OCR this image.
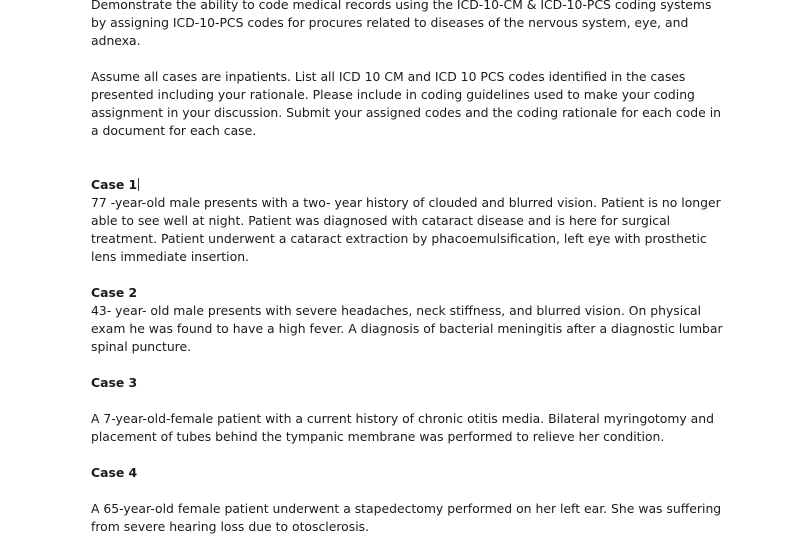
Demonstrate the ability to code medical records using the ICD-10-CM & ICD-10-PCS coding systems by assigning ICD-10-PCS codes for procures related to diseases of the nervous system, eye, and adnexa.

Assume all cases are inpatients. List all ICD 10 CM and ICD 10 PCS codes identified in the cases presented including your rationale. Please include in coding guidelines used to make your coding assignment in your discussion. Submit your assigned codes and the coding rationale for each code in a document for each case.

Case 1

77 -year-old male presents with a two- year history of clouded and blurred vision. Patient is no longer able to see well at night. Patient was diagnosed with cataract disease and is here for surgical treatment. Patient underwent a cataract extraction by phacoemulsification, left eye with prosthetic lens immediate insertion.

Case 2

43- year- old male presents with severe headaches, neck stiffness, and blurred vision. On physical exam he was found to have a high fever. A diagnosis of bacterial meningitis after a diagnostic lumbar spinal puncture.

Case 3

A 7-year-old-female patient with a current history of chronic otitis media. Bilateral myringotomy and placement of tubes behind the tympanic membrane was performed to relieve her condition.

Case 4

A 65-year-old female patient underwent a stapedectomy performed on her left ear. She was suffering from severe hearing loss due to otosclerosis.
